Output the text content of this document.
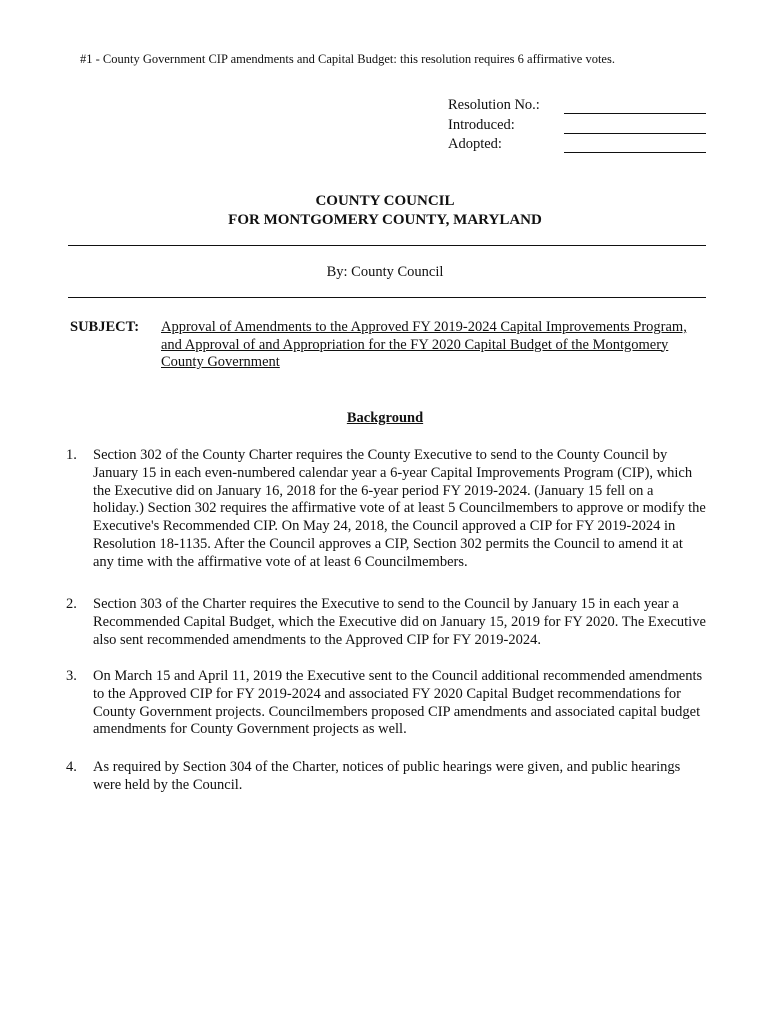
#1 - County Government CIP amendments and Capital Budget: this resolution requires 6 affirmative votes.
Resolution No.:
Introduced:
Adopted:
COUNTY COUNCIL
FOR MONTGOMERY COUNTY, MARYLAND
By: County Council
SUBJECT: Approval of Amendments to the Approved FY 2019-2024 Capital Improvements Program, and Approval of and Appropriation for the FY 2020 Capital Budget of the Montgomery County Government
Background
1.	Section 302 of the County Charter requires the County Executive to send to the County Council by January 15 in each even-numbered calendar year a 6-year Capital Improvements Program (CIP), which the Executive did on January 16, 2018 for the 6-year period FY 2019-2024. (January 15 fell on a holiday.) Section 302 requires the affirmative vote of at least 5 Councilmembers to approve or modify the Executive's Recommended CIP. On May 24, 2018, the Council approved a CIP for FY 2019-2024 in Resolution 18-1135. After the Council approves a CIP, Section 302 permits the Council to amend it at any time with the affirmative vote of at least 6 Councilmembers.
2.	Section 303 of the Charter requires the Executive to send to the Council by January 15 in each year a Recommended Capital Budget, which the Executive did on January 15, 2019 for FY 2020. The Executive also sent recommended amendments to the Approved CIP for FY 2019-2024.
3.	On March 15 and April 11, 2019 the Executive sent to the Council additional recommended amendments to the Approved CIP for FY 2019-2024 and associated FY 2020 Capital Budget recommendations for County Government projects. Councilmembers proposed CIP amendments and associated capital budget amendments for County Government projects as well.
4.	As required by Section 304 of the Charter, notices of public hearings were given, and public hearings were held by the Council.
